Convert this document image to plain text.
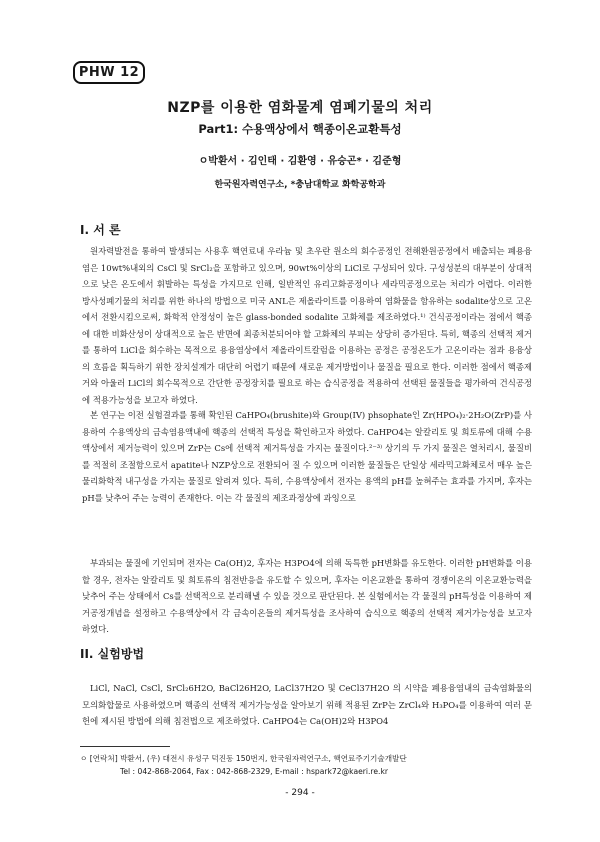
PHW 12
NZP를 이용한 염화물계 염폐기물의 처리
Part1: 수용액상에서 핵종이온교환특성
ㅇ박환서 · 김인태 · 김환영 · 유승곤* · 김준형
한국원자력연구소, *충남대학교 화학공학과
I. 서 론

원자력발전을 통하여 발생되는 사용후 핵연료내 우라늄 및 초우란 원소의 회수공정인 전해환원공정에서 배출되는 폐용융염은 10wt%내외의 CsCl 및 SrCl₂을 포함하고 있으며, 90wt%이상의 LiCl로 구성되어 있다. 구성성분의 대부분이 상대적으로 낮은 온도에서 휘발하는 특성을 가지므로 인해, 일반적인 유리고화공정이나 세라믹공정으로는 처리가 어렵다. 이러한 방사성폐기물의 처리를 위한 하나의 방법으로 미국 ANL은 제올라이트를 이용하여 염화물을 함유하는 sodalite상으로 고온에서 전환시킴으로써, 화학적 안정성이 높은 glass-bonded sodalite 고화체를 제조하였다.¹⁾ 건식공정이라는 점에서 핵종에 대한 비화산성이 상대적으로 높은 반면에 최종처분되어야 할 고화체의 부피는 상당히 증가된다. 특히, 핵종의 선택적 제거를 통하여 LiCl을 회수하는 목적으로 용융염상에서 제올라이트칼럼을 이용하는 공정은 공정온도가 고온이라는 점과 용융상의 흐름을 획득하기 위한 장치설계가 대단히 어렵기 때문에 새로운 제거방법이나 물질을 필요로 한다. 이러한 점에서 핵종제거와 아울러 LiCl의 회수목적으로 간단한 공정장치를 필요로 하는 습식공정을 적용하여 선택된 물질들을 평가하여 건식공정에 적용가능성을 보고자 하였다.

본 연구는 이전 실험결과를 통해 확인된 CaHPO₄(brushite)와 Group(IV) phsophate인 Zr(HPO₄)₂·2H₂O(ZrP)를 사용하여 수용액상의 금속염용액내에 핵종의 선택적 특성을 확인하고자 하였다. CaHPO4는 알칼리토 및 희토류에 대해 수용액상에서 제거능력이 있으며 ZrP는 Cs에 선택적 제거특성을 가지는 물질이다.²⁻³⁾ 상기의 두 가지 물질은 열처리시, 물질비를 적절히 조절함으로서 apatite나 NZP상으로 전환되어 질 수 있으며 이러한 물질들은 단일상 세라믹고화체로서 매우 높은 물리화학적 내구성을 가지는 물질로 알려져 있다. 특히, 수용액상에서 전자는 용액의 pH를 높혀주는 효과를 가지며, 후자는 pH를 낮추어 주는 능력이 존재한다. 이는 각 물질의 제조과정상에 과잉으로

부과되는 물질에 기인되며 전자는 Ca(OH)2, 후자는 H3PO4에 의해 독특한 pH변화를 유도한다. 이러한 pH변화를 이용할 경우, 전자는 알칼리토 및 희토류의 침전반응을 유도할 수 있으며, 후자는 이온교환을 통하여 경쟁이온의 이온교환능력을 낮추어 주는 상태에서 Cs를 선택적으로 분리해낼 수 있을 것으로 판단된다. 본 실험에서는 각 물질의 pH특성을 이용하여 제거공정개념을 설정하고 수용액상에서 각 금속이온들의 제거특성을 조사하여 습식으로 핵종의 선택적 제거가능성을 보고자 하였다.

II. 실험방법

LiCl, NaCl, CsCl, SrCl₂6H2O, BaCl26H2O, LaCl37H2O 및 CeCl37H2O 의 시약을 폐용융염내의 금속염화물의 모의화합물로 사용하였으며 핵종의 선택적 제거가능성을 알아보기 위해 적용된 ZrP는 ZrCl₄와 H₃PO₄를 이용하여 여러 문헌에 제시된 방법에 의해 침전법으로 제조하였다. CaHPO4는 Ca(OH)2와 H3PO4

ㅇ [연락처] 박환서, (우) 대전시 유성구 덕진동 150번지, 한국원자력연구소, 핵연료주기기술개발단
Tel : 042-868-2064, Fax : 042-868-2329, E-mail : hspark72@kaeri.re.kr
- 294 -
